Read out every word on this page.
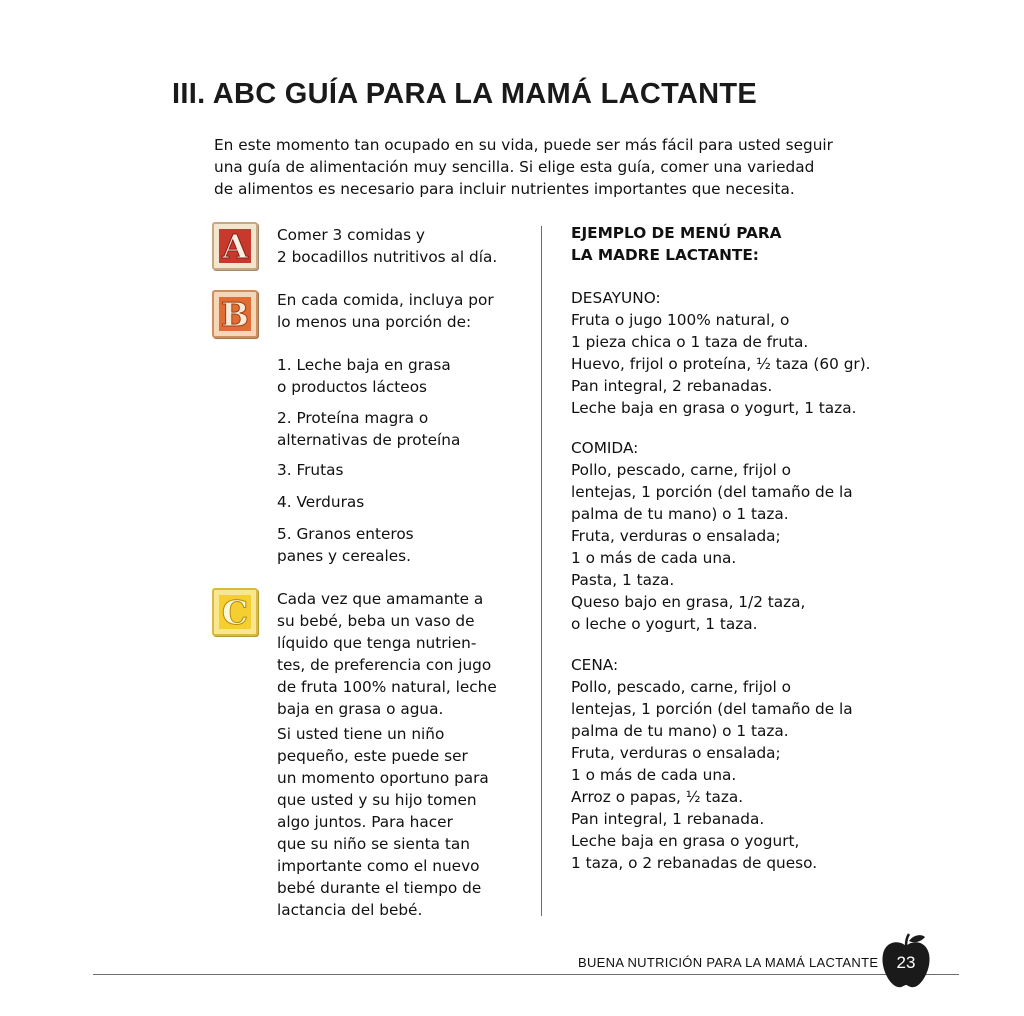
III. ABC GUÍA PARA LA MAMÁ LACTANTE
En este momento tan ocupado en su vida, puede ser más fácil para usted seguir
una guía de alimentación muy sencilla. Si elige esta guía, comer una variedad
de alimentos es necesario para incluir nutrientes importantes que necesita.
A Comer 3 comidas y
2 bocadillos nutritivos al día.
B En cada comida, incluya por
lo menos una porción de:
1. Leche baja en grasa
o productos lácteos
2. Proteína magra o
alternativas de proteína
3. Frutas
4. Verduras
5. Granos enteros
panes y cereales.
C Cada vez que amamante a
su bebé, beba un vaso de
líquido que tenga nutrien-
tes, de preferencia con jugo
de fruta 100% natural, leche
baja en grasa o agua.
Si usted tiene un niño
pequeño, este puede ser
un momento oportuno para
que usted y su hijo tomen
algo juntos. Para hacer
que su niño se sienta tan
importante como el nuevo
bebé durante el tiempo de
lactancia del bebé.
EJEMPLO DE MENÚ PARA
LA MADRE LACTANTE:
DESAYUNO:
Fruta o jugo 100% natural, o
1 pieza chica o 1 taza de fruta.
Huevo, frijol o proteína, ½ taza (60 gr).
Pan integral, 2 rebanadas.
Leche baja en grasa o yogurt, 1 taza.
COMIDA:
Pollo, pescado, carne, frijol o
lentejas, 1 porción (del tamaño de la
palma de tu mano) o 1 taza.
Fruta, verduras o ensalada;
1 o más de cada una.
Pasta, 1 taza.
Queso bajo en grasa, 1/2 taza,
o leche o yogurt, 1 taza.
CENA:
Pollo, pescado, carne, frijol o
lentejas, 1 porción (del tamaño de la
palma de tu mano) o 1 taza.
Fruta, verduras o ensalada;
1 o más de cada una.
Arroz o papas, ½ taza.
Pan integral, 1 rebanada.
Leche baja en grasa o yogurt,
1 taza, o 2 rebanadas de queso.
BUENA NUTRICIÓN PARA LA MAMÁ LACTANTE	23
